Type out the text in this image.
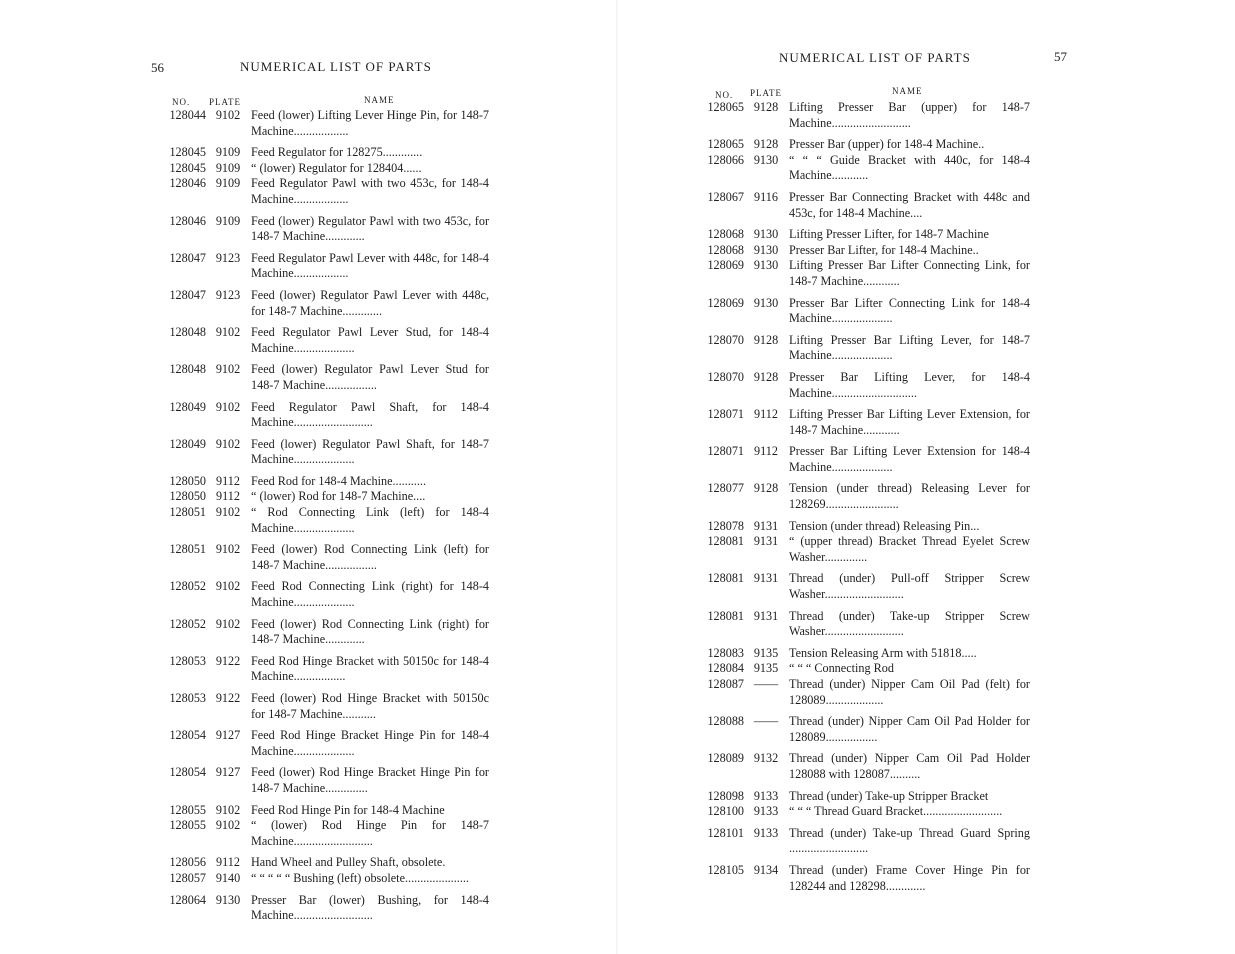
56	NUMERICAL LIST OF PARTS
NO. PLATE	NAME
128044 9102 Feed (lower) Lifting Lever Hinge Pin, for 148-7 Machine..................
128045 9109 Feed Regulator for 128275.............
128045 9109 “ (lower) Regulator for 128404......
128046 9109 Feed Regulator Pawl with two 453c, for 148-4 Machine..................
128046 9109 Feed (lower) Regulator Pawl with two 453c, for 148-7 Machine.............
128047 9123 Feed Regulator Pawl Lever with 448c, for 148-4 Machine..................
128047 9123 Feed (lower) Regulator Pawl Lever with 448c, for 148-7 Machine.............
128048 9102 Feed Regulator Pawl Lever Stud, for 148-4 Machine....................
128048 9102 Feed (lower) Regulator Pawl Lever Stud for 148-7 Machine.................
128049 9102 Feed Regulator Pawl Shaft, for 148-4 Machine..........................
128049 9102 Feed (lower) Regulator Pawl Shaft, for 148-7 Machine....................
128050 9112 Feed Rod for 148-4 Machine...........
128050 9112 “ (lower) Rod for 148-7 Machine....
128051 9102 “ Rod Connecting Link (left) for 148-4 Machine....................
128051 9102 Feed (lower) Rod Connecting Link (left) for 148-7 Machine.................
128052 9102 Feed Rod Connecting Link (right) for 148-4 Machine....................
128052 9102 Feed (lower) Rod Connecting Link (right) for 148-7 Machine.............
128053 9122 Feed Rod Hinge Bracket with 50150c for 148-4 Machine.................
128053 9122 Feed (lower) Rod Hinge Bracket with 50150c for 148-7 Machine...........
128054 9127 Feed Rod Hinge Bracket Hinge Pin for 148-4 Machine....................
128054 9127 Feed (lower) Rod Hinge Bracket Hinge Pin for 148-7 Machine..............
128055 9102 Feed Rod Hinge Pin for 148-4 Machine
128055 9102 “ (lower) Rod Hinge Pin for 148-7 Machine..........................
128056 9112 Hand Wheel and Pulley Shaft, obsolete.
128057 9140 “ “ “ “ “ Bushing (left) obsolete.....................
128064 9130 Presser Bar (lower) Bushing, for 148-4 Machine..........................
NUMERICAL LIST OF PARTS	57
NO. PLATE	NAME
128065 9128 Lifting Presser Bar (upper) for 148-7 Machine..........................
128065 9128 Presser Bar (upper) for 148-4 Machine..
128066 9130 “ “ “ Guide Bracket with 440c, for 148-4 Machine............
128067 9116 Presser Bar Connecting Bracket with 448c and 453c, for 148-4 Machine....
128068 9130 Lifting Presser Lifter, for 148-7 Machine
128068 9130 Presser Bar Lifter, for 148-4 Machine..
128069 9130 Lifting Presser Bar Lifter Connecting Link, for 148-7 Machine............
128069 9130 Presser Bar Lifter Connecting Link for 148-4 Machine....................
128070 9128 Lifting Presser Bar Lifting Lever, for 148-7 Machine....................
128070 9128 Presser Bar Lifting Lever, for 148-4 Machine............................
128071 9112 Lifting Presser Bar Lifting Lever Extension, for 148-7 Machine............
128071 9112 Presser Bar Lifting Lever Extension for 148-4 Machine....................
128077 9128 Tension (under thread) Releasing Lever for 128269........................
128078 9131 Tension (under thread) Releasing Pin...
128081 9131 “ (upper thread) Bracket Thread Eyelet Screw Washer..............
128081 9131 Thread (under) Pull-off Stripper Screw Washer..........................
128081 9131 Thread (under) Take-up Stripper Screw Washer..........................
128083 9135 Tension Releasing Arm with 51818.....
128084 9135 “ “ “ Connecting Rod
128087 —— Thread (under) Nipper Cam Oil Pad (felt) for 128089...................
128088 —— Thread (under) Nipper Cam Oil Pad Holder for 128089.................
128089 9132 Thread (under) Nipper Cam Oil Pad Holder 128088 with 128087..........
128098 9133 Thread (under) Take-up Stripper Bracket
128100 9133 “ “ “ Thread Guard Bracket..........................
128101 9133 Thread (under) Take-up Thread Guard Spring ..........................
128105 9134 Thread (under) Frame Cover Hinge Pin for 128244 and 128298.............
